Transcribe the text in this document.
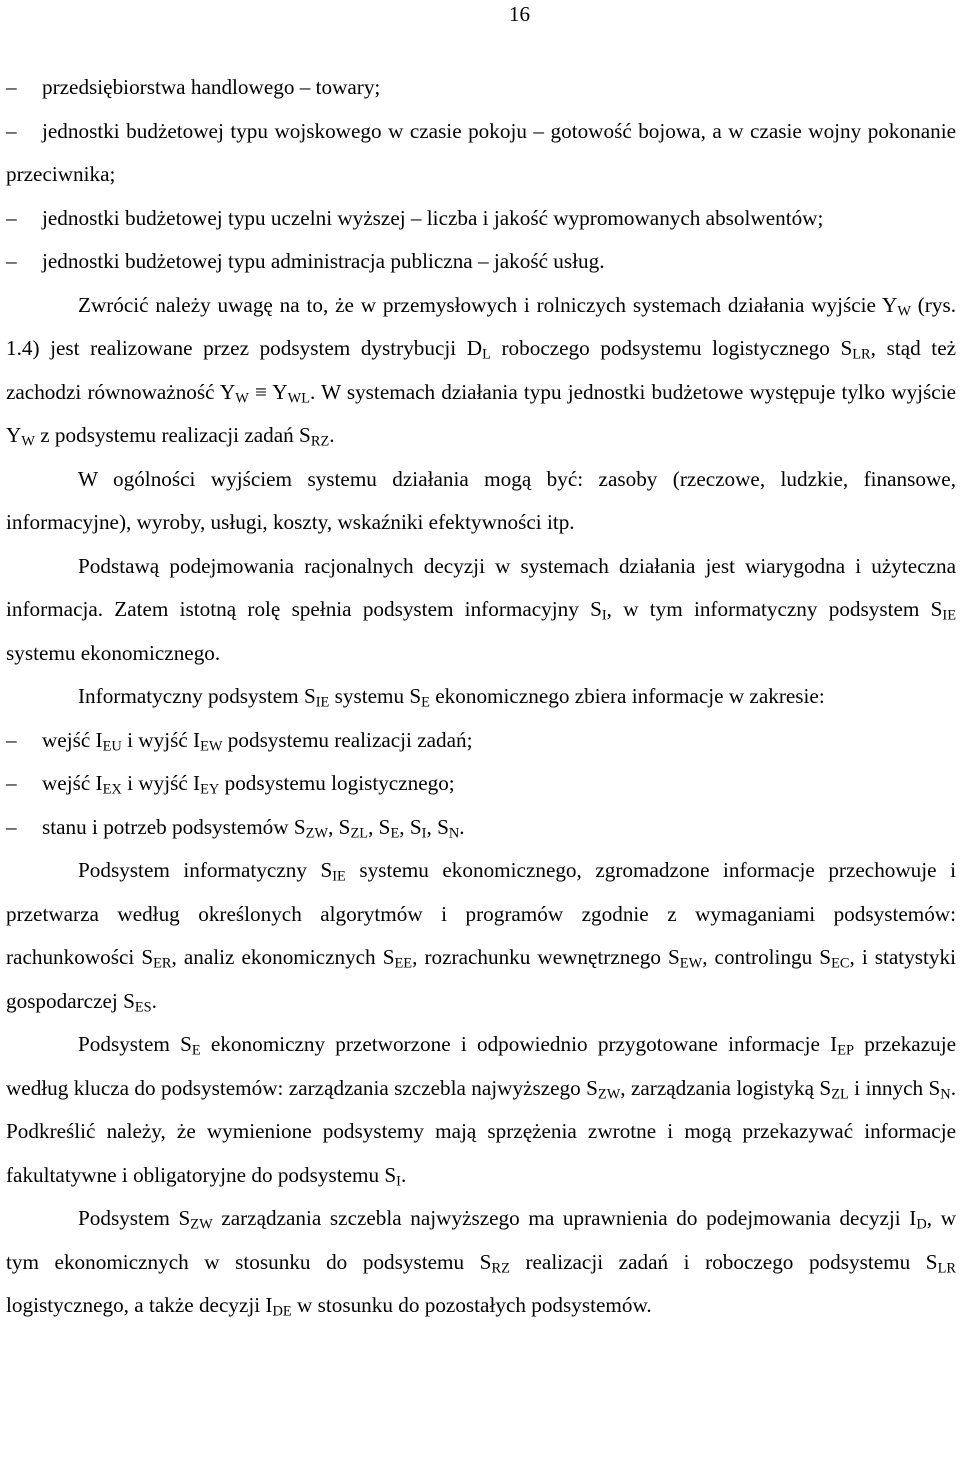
16
– przedsiębiorstwa handlowego – towary;
– jednostki budżetowej typu wojskowego w czasie pokoju – gotowość bojowa, a w czasie wojny pokonanie przeciwnika;
– jednostki budżetowej typu uczelni wyższej – liczba i jakość wypromowanych absolwentów;
– jednostki budżetowej typu administracja publiczna – jakość usług.

Zwrócić należy uwagę na to, że w przemysłowych i rolniczych systemach działania wyjście $Y_W$ (rys. 1.4) jest realizowane przez podsystem dystrybucji $D_L$ roboczego podsystemu logistycznego $S_{LR}$, stąd też zachodzi równoważność $Y_W \equiv Y_{WL}$. W systemach działania typu jednostki budżetowe występuje tylko wyjście $Y_W$ z podsystemu realizacji zadań $S_{RZ}$.

W ogólności wyjściem systemu działania mogą być: zasoby (rzeczowe, ludzkie, finansowe, informacyjne), wyroby, usługi, koszty, wskaźniki efektywności itp.

Podstawą podejmowania racjonalnych decyzji w systemach działania jest wiarygodna i użyteczna informacja. Zatem istotną rolę spełnia podsystem informacyjny $S_I$, w tym informatyczny podsystem $S_{IE}$ systemu ekonomicznego.

Informatyczny podsystem $S_{IE}$ systemu $S_E$ ekonomicznego zbiera informacje w zakresie:

– wejść $I_{EU}$ i wyjść $I_{EW}$ podsystemu realizacji zadań;
– wejść $I_{EX}$ i wyjść $I_{EY}$ podsystemu logistycznego;
– stanu i potrzeb podsystemów $S_{ZW}$, $S_{ZL}$, $S_E$, $S_I$, $S_N$.

Podsystem informatyczny $S_{IE}$ systemu ekonomicznego, zgromadzone informacje przechowuje i przetwarza według określonych algorytmów i programów zgodnie z wymaganiami podsystemów: rachunkowości $S_{ER}$, analiz ekonomicznych $S_{EE}$, rozrachunku wewnętrznego $S_{EW}$, controlingu $S_{EC}$, i statystyki gospodarczej $S_{ES}$.

Podsystem $S_E$ ekonomiczny przetworzone i odpowiednio przygotowane informacje $I_{EP}$ przekazuje według klucza do podsystemów: zarządzania szczebla najwyższego $S_{ZW}$, zarządzania logistyką $S_{ZL}$ i innych $S_N$. Podkreślić należy, że wymienione podsystemy mają sprzężenia zwrotne i mogą przekazywać informacje fakultatywne i obligatoryjne do podsystemu $S_I$.

Podsystem $S_{ZW}$ zarządzania szczebla najwyższego ma uprawnienia do podejmowania decyzji $I_D$, w tym ekonomicznych w stosunku do podsystemu $S_{RZ}$ realizacji zadań i roboczego podsystemu $S_{LR}$ logistycznego, a także decyzji $I_{DE}$ w stosunku do pozostałych podsystemów.
